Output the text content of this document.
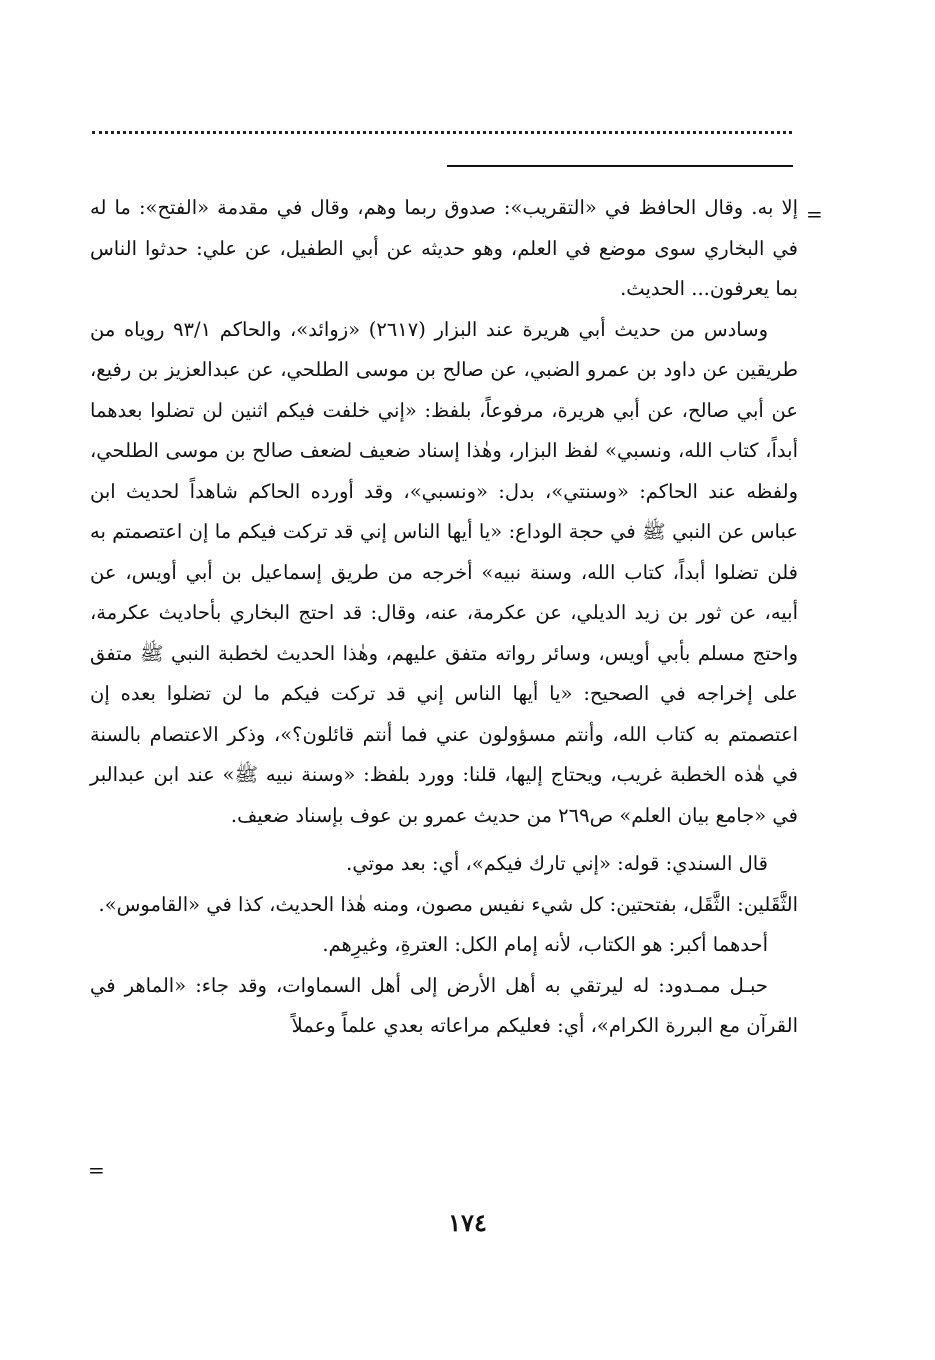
=

إلا به. وقال الحافظ في «التقريب»: صدوق ربما وهم، وقال في مقدمة «الفتح»: ما له في البخاري سوى موضع في العلم، وهو حديثه عن أبي الطفيل، عن علي: حدثوا الناس بما يعرفون... الحديث.

وسادس من حديث أبي هريرة عند البزار (٢٦١٧) «زوائد»، والحاكم ٩٣/١ روياه من طريقين عن داود بن عمرو الضبي، عن صالح بن موسى الطلحي، عن عبدالعزيز بن رفيع، عن أبي صالح، عن أبي هريرة، مرفوعاً، بلفظ: «إني خلفت فيكم اثنين لن تضلوا بعدهما أبداً، كتاب الله، ونسبي» لفظ البزار، وهٰذا إسناد ضعيف لضعف صالح بن موسى الطلحي، ولفظه عند الحاكم: «وسنتي»، بدل: «ونسبي»، وقد أورده الحاكم شاهداً لحديث ابن عباس عن النبي ﷺ في حجة الوداع: «يا أيها الناس إني قد تركت فيكم ما إن اعتصمتم به فلن تضلوا أبداً، كتاب الله، وسنة نبيه» أخرجه من طريق إسماعيل بن أبي أويس، عن أبيه، عن ثور بن زيد الديلي، عن عكرمة، عنه، وقال: قد احتج البخاري بأحاديث عكرمة، واحتج مسلم بأبي أويس، وسائر رواته متفق عليهم، وهٰذا الحديث لخطبة النبي ﷺ متفق على إخراجه في الصحيح: «يا أيها الناس إني قد تركت فيكم ما لن تضلوا بعده إن اعتصمتم به كتاب الله، وأنتم مسؤولون عني فما أنتم قائلون؟»، وذكر الاعتصام بالسنة في هٰذه الخطبة غريب، ويحتاج إليها، قلنا: وورد بلفظ: «وسنة نبيه ﷺ» عند ابن عبدالبر في «جامع بيان العلم» ص٢٦٩ من حديث عمرو بن عوف بإسناد ضعيف.

قال السندي: قوله: «إني تارك فيكم»، أي: بعد موتي.

الثَّقَلين: الثَّقَل، بفتحتين: كل شيء نفيس مصون، ومنه هٰذا الحديث، كذا في «القاموس».

أحدهما أكبر: هو الكتاب، لأنه إمام الكل: العترةِ، وغيرِهم.

حبـل ممـدود: له ليرتقي به أهل الأرض إلى أهل السماوات، وقد جاء: «الماهر في القرآن مع البررة الكرام»، أي: فعليكم مراعاته بعدي علماً وعملاً

=
١٧٤
